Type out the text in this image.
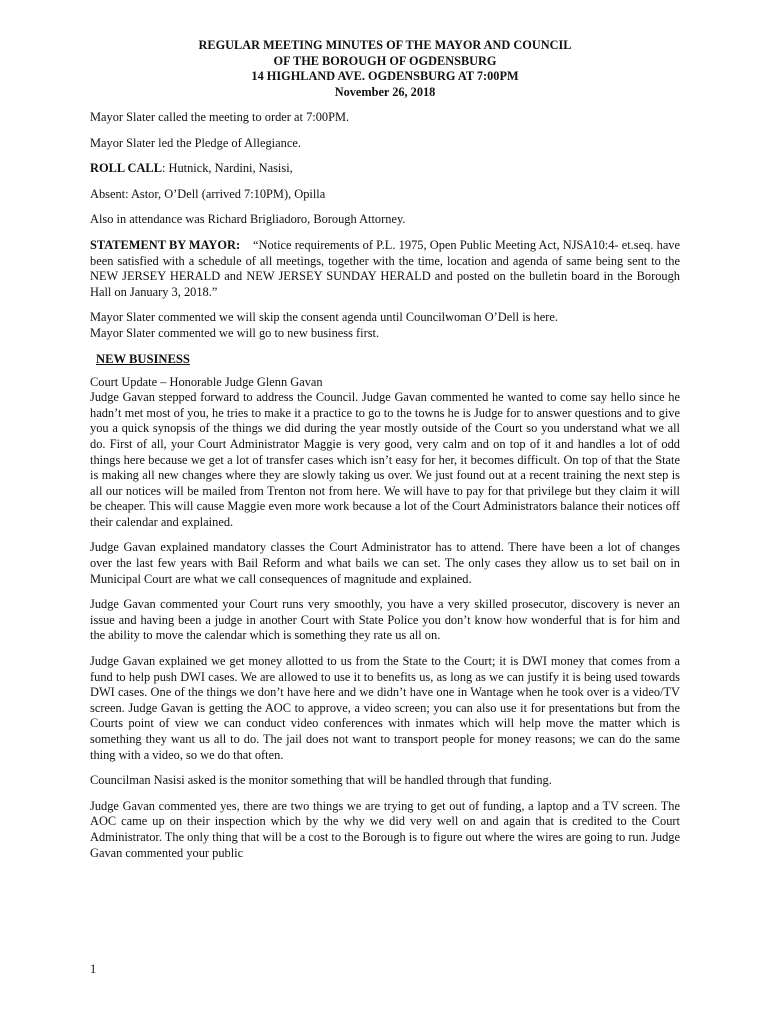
REGULAR MEETING MINUTES OF THE MAYOR AND COUNCIL
OF THE BOROUGH OF OGDENSBURG
14 HIGHLAND AVE. OGDENSBURG AT 7:00PM
November 26, 2018

Mayor Slater called the meeting to order at 7:00PM.

Mayor Slater led the Pledge of Allegiance.

ROLL CALL: Hutnick, Nardini, Nasisi,

Absent: Astor, O’Dell (arrived 7:10PM), Opilla

Also in attendance was Richard Brigliadoro, Borough Attorney.

STATEMENT BY MAYOR: “Notice requirements of P.L. 1975, Open Public Meeting Act, NJSA10:4- et.seq. have been satisfied with a schedule of all meetings, together with the time, location and agenda of same being sent to the NEW JERSEY HERALD and NEW JERSEY SUNDAY HERALD and posted on the bulletin board in the Borough Hall on January 3, 2018.”

Mayor Slater commented we will skip the consent agenda until Councilwoman O’Dell is here.
Mayor Slater commented we will go to new business first.

NEW BUSINESS

Court Update – Honorable Judge Glenn Gavan

Judge Gavan stepped forward to address the Council. Judge Gavan commented he wanted to come say hello since he hadn’t met most of you, he tries to make it a practice to go to the towns he is Judge for to answer questions and to give you a quick synopsis of the things we did during the year mostly outside of the Court so you understand what we all do. First of all, your Court Administrator Maggie is very good, very calm and on top of it and handles a lot of odd things here because we get a lot of transfer cases which isn’t easy for her, it becomes difficult. On top of that the State is making all new changes where they are slowly taking us over. We just found out at a recent training the next step is all our notices will be mailed from Trenton not from here. We will have to pay for that privilege but they claim it will be cheaper. This will cause Maggie even more work because a lot of the Court Administrators balance their notices off their calendar and explained.

Judge Gavan explained mandatory classes the Court Administrator has to attend. There have been a lot of changes over the last few years with Bail Reform and what bails we can set. The only cases they allow us to set bail on in Municipal Court are what we call consequences of magnitude and explained.

Judge Gavan commented your Court runs very smoothly, you have a very skilled prosecutor, discovery is never an issue and having been a judge in another Court with State Police you don’t know how wonderful that is for him and the ability to move the calendar which is something they rate us all on.

Judge Gavan explained we get money allotted to us from the State to the Court; it is DWI money that comes from a fund to help push DWI cases. We are allowed to use it to benefits us, as long as we can justify it is being used towards DWI cases. One of the things we don’t have here and we didn’t have one in Wantage when he took over is a video/TV screen. Judge Gavan is getting the AOC to approve, a video screen; you can also use it for presentations but from the Courts point of view we can conduct video conferences with inmates which will help move the matter which is something they want us all to do. The jail does not want to transport people for money reasons; we can do the same thing with a video, so we do that often.

Councilman Nasisi asked is the monitor something that will be handled through that funding.

Judge Gavan commented yes, there are two things we are trying to get out of funding, a laptop and a TV screen. The AOC came up on their inspection which by the why we did very well on and again that is credited to the Court Administrator. The only thing that will be a cost to the Borough is to figure out where the wires are going to run. Judge Gavan commented your public

1
